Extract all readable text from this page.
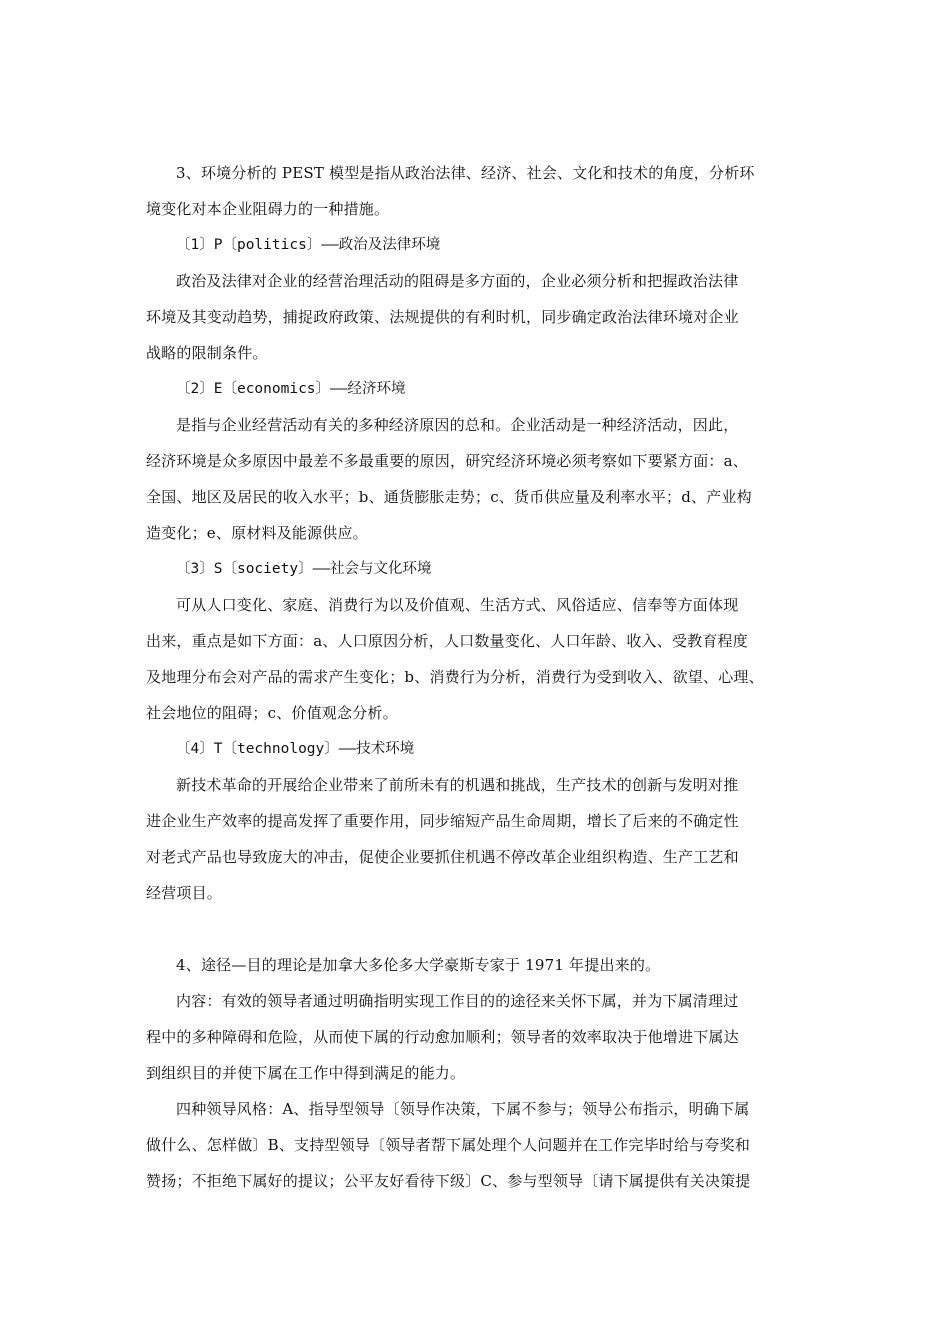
3、环境分析的 PEST 模型是指从政治法律、经济、社会、文化和技术的角度，分析环
境变化对本企业阻碍力的一种措施。
〔1〕P〔politics〕——政治及法律环境
政治及法律对企业的经营治理活动的阻碍是多方面的，企业必须分析和把握政治法律
环境及其变动趋势，捕捉政府政策、法规提供的有利时机，同步确定政治法律环境对企业
战略的限制条件。
〔2〕E〔economics〕——经济环境
是指与企业经营活动有关的多种经济原因的总和。企业活动是一种经济活动，因此，
经济环境是众多原因中最差不多最重要的原因，研究经济环境必须考察如下要紧方面：a、
全国、地区及居民的收入水平；b、通货膨胀走势；c、货币供应量及利率水平；d、产业构
造变化；e、原材料及能源供应。
〔3〕S〔society〕——社会与文化环境
可从人口变化、家庭、消费行为以及价值观、生活方式、风俗适应、信奉等方面体现
出来，重点是如下方面：a、人口原因分析，人口数量变化、人口年龄、收入、受教育程度
及地理分布会对产品的需求产生变化；b、消费行为分析，消费行为受到收入、欲望、心理、
社会地位的阻碍；c、价值观念分析。
〔4〕T〔technology〕——技术环境
新技术革命的开展给企业带来了前所未有的机遇和挑战，生产技术的创新与发明对推
进企业生产效率的提高发挥了重要作用，同步缩短产品生命周期，增长了后来的不确定性
对老式产品也导致庞大的冲击，促使企业要抓住机遇不停改革企业组织构造、生产工艺和
经营项目。
4、途径—目的理论是加拿大多伦多大学豪斯专家于 1971 年提出来的。
内容：有效的领导者通过明确指明实现工作目的的途径来关怀下属，并为下属清理过
程中的多种障碍和危险，从而使下属的行动愈加顺利；领导者的效率取决于他增进下属达
到组织目的并使下属在工作中得到满足的能力。
四种领导风格：A、指导型领导〔领导作决策，下属不参与；领导公布指示，明确下属
做什么、怎样做〕B、支持型领导〔领导者帮下属处理个人问题并在工作完毕时给与夸奖和
赞扬；不拒绝下属好的提议；公平友好看待下级〕C、参与型领导〔请下属提供有关决策提
